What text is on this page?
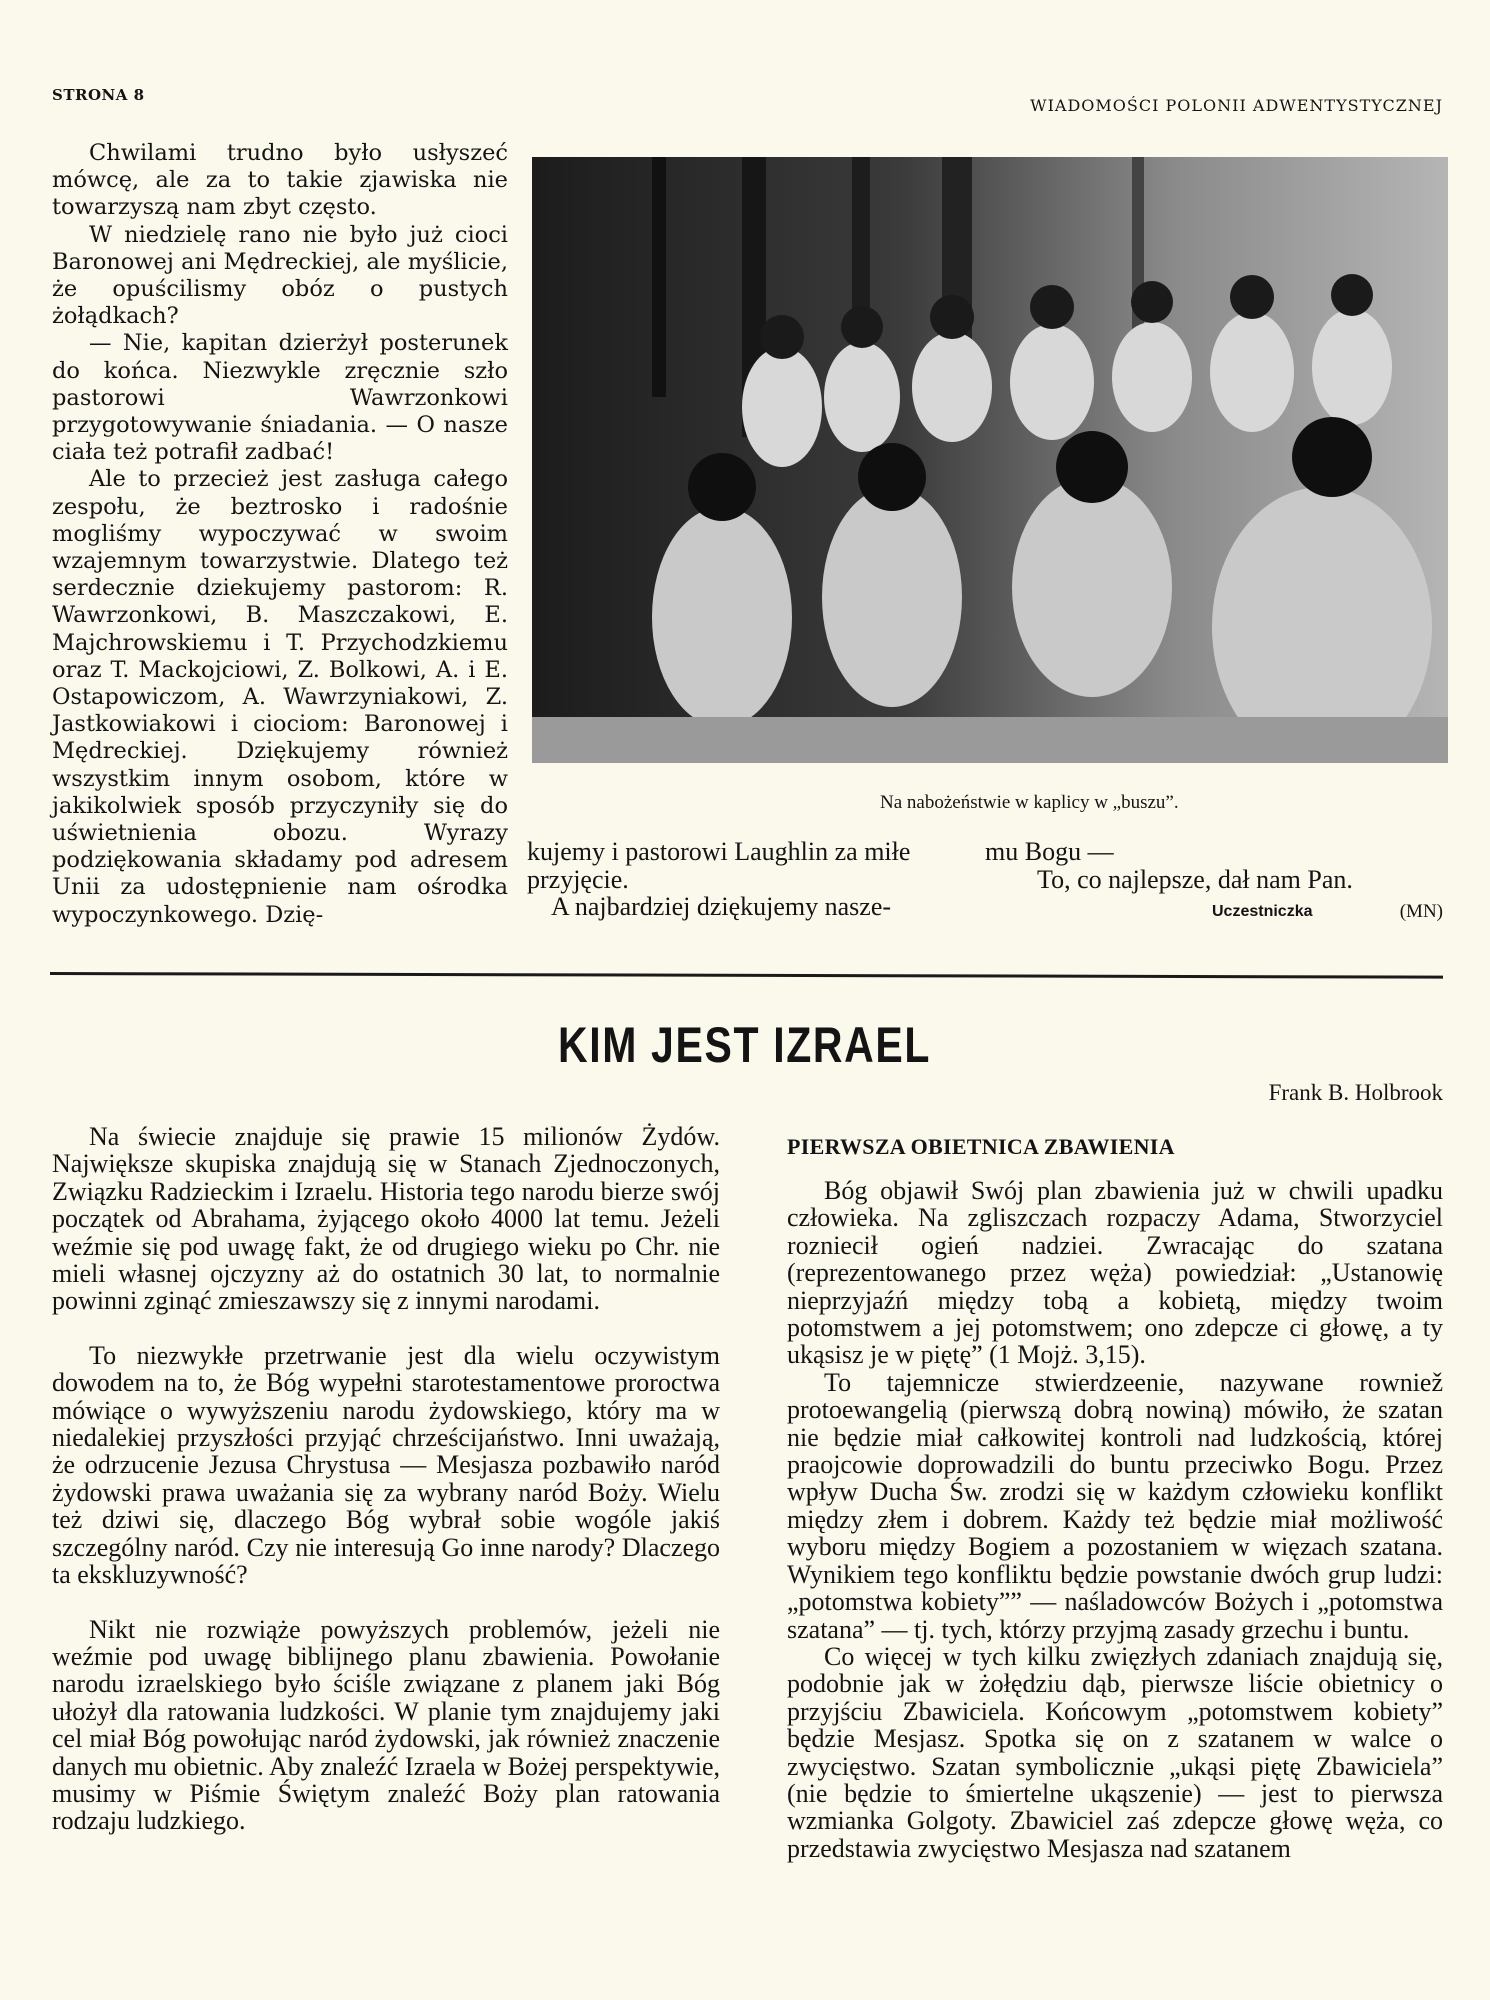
STRONA 8
WIADOMOŚCI POLONII ADWENTYSTYCZNEJ

Chwilami trudno było usłyszeć mówcę, ale za to takie zjawiska nie towarzyszą nam zbyt często.

W niedzielę rano nie było już cioci Baronowej ani Mędreckiej, ale myślicie, że opuścilismy obóz o pustych żołądkach?

— Nie, kapitan dzierżył posterunek do końca. Niezwykle zręcznie szło pastorowi Wawrzonkowi przygotowywanie śniadania. — O nasze ciała też potrafił zadbać!

Ale to przecież jest zasługa całego zespołu, że beztrosko i radośnie mogliśmy wypoczywać w swoim wzajemnym towarzystwie. Dlatego też serdecznie dziekujemy pastorom: R. Wawrzonkowi, B. Maszczakowi, E. Majchrowskiemu i T. Przychodzkiemu oraz T. Mackojciowi, Z. Bolkowi, A. i E. Ostapowiczom, A. Wawrzyniakowi, Z. Jastkowiakowi i ciociom: Baronowej i Mędreckiej. Dziękujemy również wszystkim innym osobom, które w jakikolwiek sposób przyczyniły się do uświetnienia obozu. Wyrazy podziękowania składamy pod adresem Unii za udostępnienie nam ośrodka wypoczynkowego. Dzię-

Na nabożeństwie w kaplicy w „buszu”.
kujemy i pastorowi Laughlin za miłe
przyjęcie.
A najbardziej dziękujemy nasze-
mu Bogu —
To, co najlepsze, dał nam Pan.
Uczestniczka	(MN)
KIM JEST IZRAEL
Frank B. Holbrook

Na świecie znajduje się prawie 15 milionów Żydów. Największe skupiska znajdują się w Stanach Zjednoczonych, Związku Radzieckim i Izraelu. Historia tego narodu bierze swój początek od Abrahama, żyjącego około 4000 lat temu. Jeżeli weźmie się pod uwagę fakt, że od drugiego wieku po Chr. nie mieli własnej ojczyzny aż do ostatnich 30 lat, to normalnie powinni zginąć zmieszawszy się z innymi narodami.

To niezwykłe przetrwanie jest dla wielu oczywistym dowodem na to, że Bóg wypełni starotestamentowe proroctwa mówiące o wywyższeniu narodu żydowskiego, który ma w niedalekiej przyszłości przyjąć chrześcijaństwo. Inni uważają, że odrzucenie Jezusa Chrystusa — Mesjasza pozbawiło naród żydowski prawa uważania się za wybrany naród Boży. Wielu też dziwi się, dlaczego Bóg wybrał sobie wogóle jakiś szczególny naród. Czy nie interesują Go inne narody? Dlaczego ta ekskluzywność?

Nikt nie rozwiąże powyższych problemów, jeżeli nie weźmie pod uwagę biblijnego planu zbawienia. Powołanie narodu izraelskiego było ściśle związane z planem jaki Bóg ułożył dla ratowania ludzkości. W planie tym znajdujemy jaki cel miał Bóg powołując naród żydowski, jak również znaczenie danych mu obietnic. Aby znaleźć Izraela w Bożej perspektywie, musimy w Piśmie Świętym znaleźć Boży plan ratowania rodzaju ludzkiego.

PIERWSZA OBIETNICA ZBAWIENIA

Bóg objawił Swój plan zbawienia już w chwili upadku człowieka. Na zgliszczach rozpaczy Adama, Stworzyciel rozniecił ogień nadziei. Zwracając do szatana (reprezentowanego przez węża) powiedział: „Ustanowię nieprzyjaźń między tobą a kobietą, między twoim potomstwem a jej potomstwem; ono zdepcze ci głowę, a ty ukąsisz je w piętę” (1 Mojż. 3,15).

To tajemnicze stwierdzeenie, nazywane rowniež protoewangelią (pierwszą dobrą nowiną) mówiło, że szatan nie będzie miał całkowitej kontroli nad ludzkością, której praojcowie doprowadzili do buntu przeciwko Bogu. Przez wpływ Ducha Św. zrodzi się w każdym człowieku konflikt między złem i dobrem. Każdy też będzie miał możliwość wyboru między Bogiem a pozostaniem w więzach szatana. Wynikiem tego konfliktu będzie powstanie dwóch grup ludzi: „potomstwa kobiety”” — naśladowców Bożych i „potomstwa szatana” — tj. tych, którzy przyjmą zasady grzechu i buntu.

Co więcej w tych kilku zwięzłych zdaniach znajdują się, podobnie jak w żołędziu dąb, pierwsze liście obietnicy o przyjściu Zbawiciela. Końcowym „potomstwem kobiety” będzie Mesjasz. Spotka się on z szatanem w walce o zwycięstwo. Szatan symbolicznie „ukąsi piętę Zbawiciela” (nie będzie to śmiertelne ukąszenie) — jest to pierwsza wzmianka Golgoty. Zbawiciel zaś zdepcze głowę węża, co przedstawia zwycięstwo Mesjasza nad szatanem
